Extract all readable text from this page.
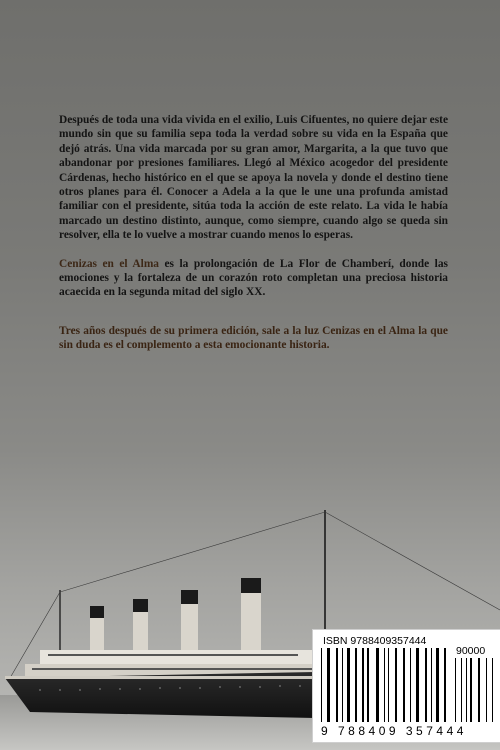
Después de toda una vida vivida en el exilio, Luis Cifuentes, no quiere dejar este mundo sin que su familia sepa toda la verdad sobre su vida en la España que dejó atrás. Una vida marcada por su gran amor, Margarita, a la que tuvo que abandonar por presiones familiares. Llegó al México acogedor del presidente Cárdenas, hecho histórico en el que se apoya la novela y donde el destino tiene otros planes para él. Conocer a Adela a la que le une una profunda amistad familiar con el presidente, sitúa toda la acción de este relato. La vida le había marcado un destino distinto, aunque, como siempre, cuando algo se queda sin resolver, ella te lo vuelve a mostrar cuando menos lo esperas.

Cenizas en el Alma es la prolongación de La Flor de Chamberí, donde las emociones y la fortaleza de un corazón roto completan una preciosa historia acaecida en la segunda mitad del siglo XX.

Tres años después de su primera edición, sale a la luz Cenizas en el Alma la que sin duda es el complemento a esta emocionante historia.

ISBN 9788409357444
90000
9 788409 357444
